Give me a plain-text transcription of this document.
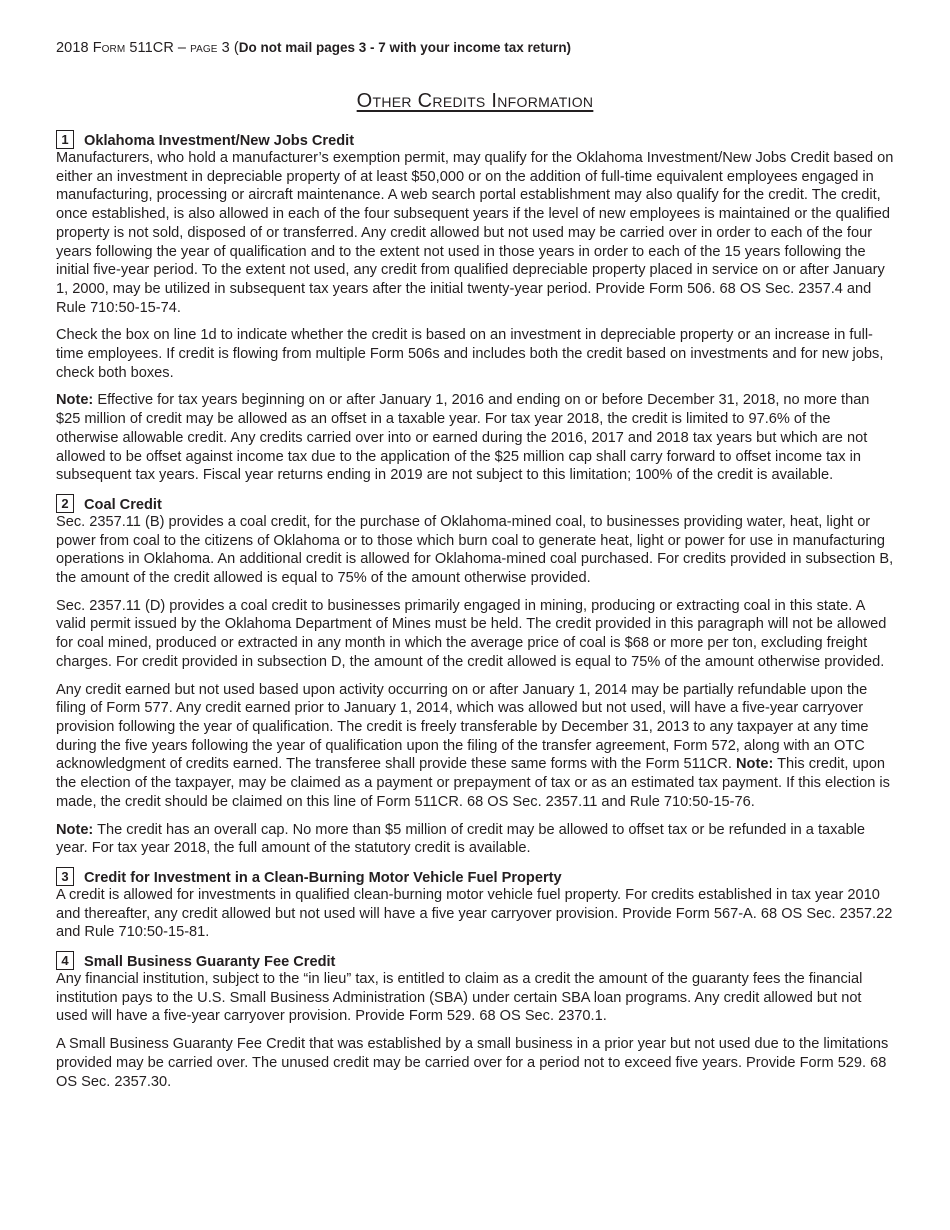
2018 Form 511CR – page 3 (Do not mail pages 3 - 7 with your income tax return)
Other Credits Information
1	Oklahoma Investment/New Jobs Credit

Manufacturers, who hold a manufacturer’s exemption permit, may qualify for the Oklahoma Investment/New Jobs Credit based on either an investment in depreciable property of at least $50,000 or on the addition of full-time equivalent employees engaged in manufacturing, processing or aircraft maintenance. A web search portal establishment may also qualify for the credit. The credit, once established, is also allowed in each of the four subsequent years if the level of new employees is maintained or the qualified property is not sold, disposed of or transferred. Any credit allowed but not used may be carried over in order to each of the four years following the year of qualification and to the extent not used in those years in order to each of the 15 years following the initial five-year period. To the extent not used, any credit from qualified depreciable property placed in service on or after January 1, 2000, may be utilized in subsequent tax years after the initial twenty-year period. Provide Form 506. 68 OS Sec. 2357.4 and Rule 710:50-15-74.

Check the box on line 1d to indicate whether the credit is based on an investment in depreciable property or an increase in full-time employees. If credit is flowing from multiple Form 506s and includes both the credit based on investments and for new jobs, check both boxes.

Note: Effective for tax years beginning on or after January 1, 2016 and ending on or before December 31, 2018, no more than $25 million of credit may be allowed as an offset in a taxable year. For tax year 2018, the credit is limited to 97.6% of the otherwise allowable credit. Any credits carried over into or earned during the 2016, 2017 and 2018 tax years but which are not allowed to be offset against income tax due to the application of the $25 million cap shall carry forward to offset income tax in subsequent tax years. Fiscal year returns ending in 2019 are not subject to this limitation; 100% of the credit is available.

2	Coal Credit

Sec. 2357.11 (B) provides a coal credit, for the purchase of Oklahoma-mined coal, to businesses providing water, heat, light or power from coal to the citizens of Oklahoma or to those which burn coal to generate heat, light or power for use in manufacturing operations in Oklahoma. An additional credit is allowed for Oklahoma-mined coal purchased. For credits provided in subsection B, the amount of the credit allowed is equal to 75% of the amount otherwise provided.

Sec. 2357.11 (D) provides a coal credit to businesses primarily engaged in mining, producing or extracting coal in this state. A valid permit issued by the Oklahoma Department of Mines must be held. The credit provided in this paragraph will not be allowed for coal mined, produced or extracted in any month in which the average price of coal is $68 or more per ton, excluding freight charges. For credit provided in subsection D, the amount of the credit allowed is equal to 75% of the amount otherwise provided.

Any credit earned but not used based upon activity occurring on or after January 1, 2014 may be partially refundable upon the filing of Form 577. Any credit earned prior to January 1, 2014, which was allowed but not used, will have a five-year carryover provision following the year of qualification. The credit is freely transferable by December 31, 2013 to any taxpayer at any time during the five years following the year of qualification upon the filing of the transfer agreement, Form 572, along with an OTC acknowledgment of credits earned. The transferee shall provide these same forms with the Form 511CR. Note: This credit, upon the election of the taxpayer, may be claimed as a payment or prepayment of tax or as an estimated tax payment. If this election is made, the credit should be claimed on this line of Form 511CR. 68 OS Sec. 2357.11 and Rule 710:50-15-76.

Note: The credit has an overall cap. No more than $5 million of credit may be allowed to offset tax or be refunded in a taxable year. For tax year 2018, the full amount of the statutory credit is available.

3	Credit for Investment in a Clean-Burning Motor Vehicle Fuel Property

A credit is allowed for investments in qualified clean-burning motor vehicle fuel property. For credits established in tax year 2010 and thereafter, any credit allowed but not used will have a five year carryover provision. Provide Form 567-A. 68 OS Sec. 2357.22 and Rule 710:50-15-81.

4	Small Business Guaranty Fee Credit

Any financial institution, subject to the “in lieu” tax, is entitled to claim as a credit the amount of the guaranty fees the financial institution pays to the U.S. Small Business Administration (SBA) under certain SBA loan programs. Any credit allowed but not used will have a five-year carryover provision. Provide Form 529. 68 OS Sec. 2370.1.

A Small Business Guaranty Fee Credit that was established by a small business in a prior year but not used due to the limitations provided may be carried over. The unused credit may be carried over for a period not to exceed five years. Provide Form 529. 68 OS Sec. 2357.30.
